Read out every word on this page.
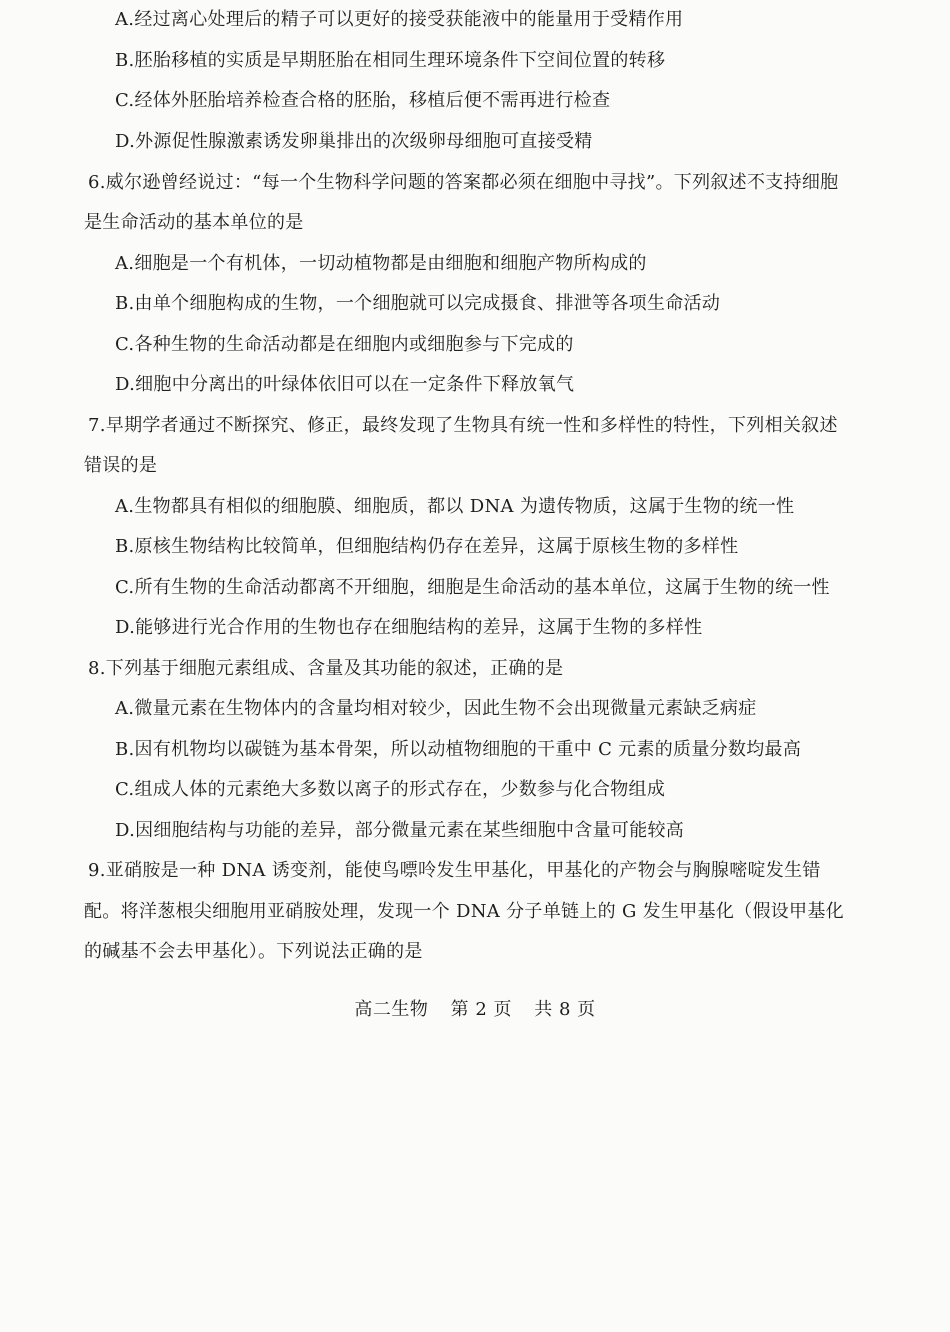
A.经过离心处理后的精子可以更好的接受获能液中的能量用于受精作用
B.胚胎移植的实质是早期胚胎在相同生理环境条件下空间位置的转移
C.经体外胚胎培养检查合格的胚胎，移植后便不需再进行检查
D.外源促性腺激素诱发卵巢排出的次级卵母细胞可直接受精
6.威尔逊曾经说过：“每一个生物科学问题的答案都必须在细胞中寻找”。下列叙述不支持细胞
是生命活动的基本单位的是
A.细胞是一个有机体，一切动植物都是由细胞和细胞产物所构成的
B.由单个细胞构成的生物，一个细胞就可以完成摄食、排泄等各项生命活动
C.各种生物的生命活动都是在细胞内或细胞参与下完成的
D.细胞中分离出的叶绿体依旧可以在一定条件下释放氧气
7.早期学者通过不断探究、修正，最终发现了生物具有统一性和多样性的特性，下列相关叙述
错误的是
A.生物都具有相似的细胞膜、细胞质，都以 DNA 为遗传物质，这属于生物的统一性
B.原核生物结构比较简单，但细胞结构仍存在差异，这属于原核生物的多样性
C.所有生物的生命活动都离不开细胞，细胞是生命活动的基本单位，这属于生物的统一性
D.能够进行光合作用的生物也存在细胞结构的差异，这属于生物的多样性
8.下列基于细胞元素组成、含量及其功能的叙述，正确的是
A.微量元素在生物体内的含量均相对较少，因此生物不会出现微量元素缺乏病症
B.因有机物均以碳链为基本骨架，所以动植物细胞的干重中 C 元素的质量分数均最高
C.组成人体的元素绝大多数以离子的形式存在，少数参与化合物组成
D.因细胞结构与功能的差异，部分微量元素在某些细胞中含量可能较高
9.亚硝胺是一种 DNA 诱变剂，能使鸟嘌呤发生甲基化，甲基化的产物会与胸腺嘧啶发生错
配。将洋葱根尖细胞用亚硝胺处理，发现一个 DNA 分子单链上的 G 发生甲基化（假设甲基化
的碱基不会去甲基化）。下列说法正确的是
高二生物 第 2 页 共 8 页
